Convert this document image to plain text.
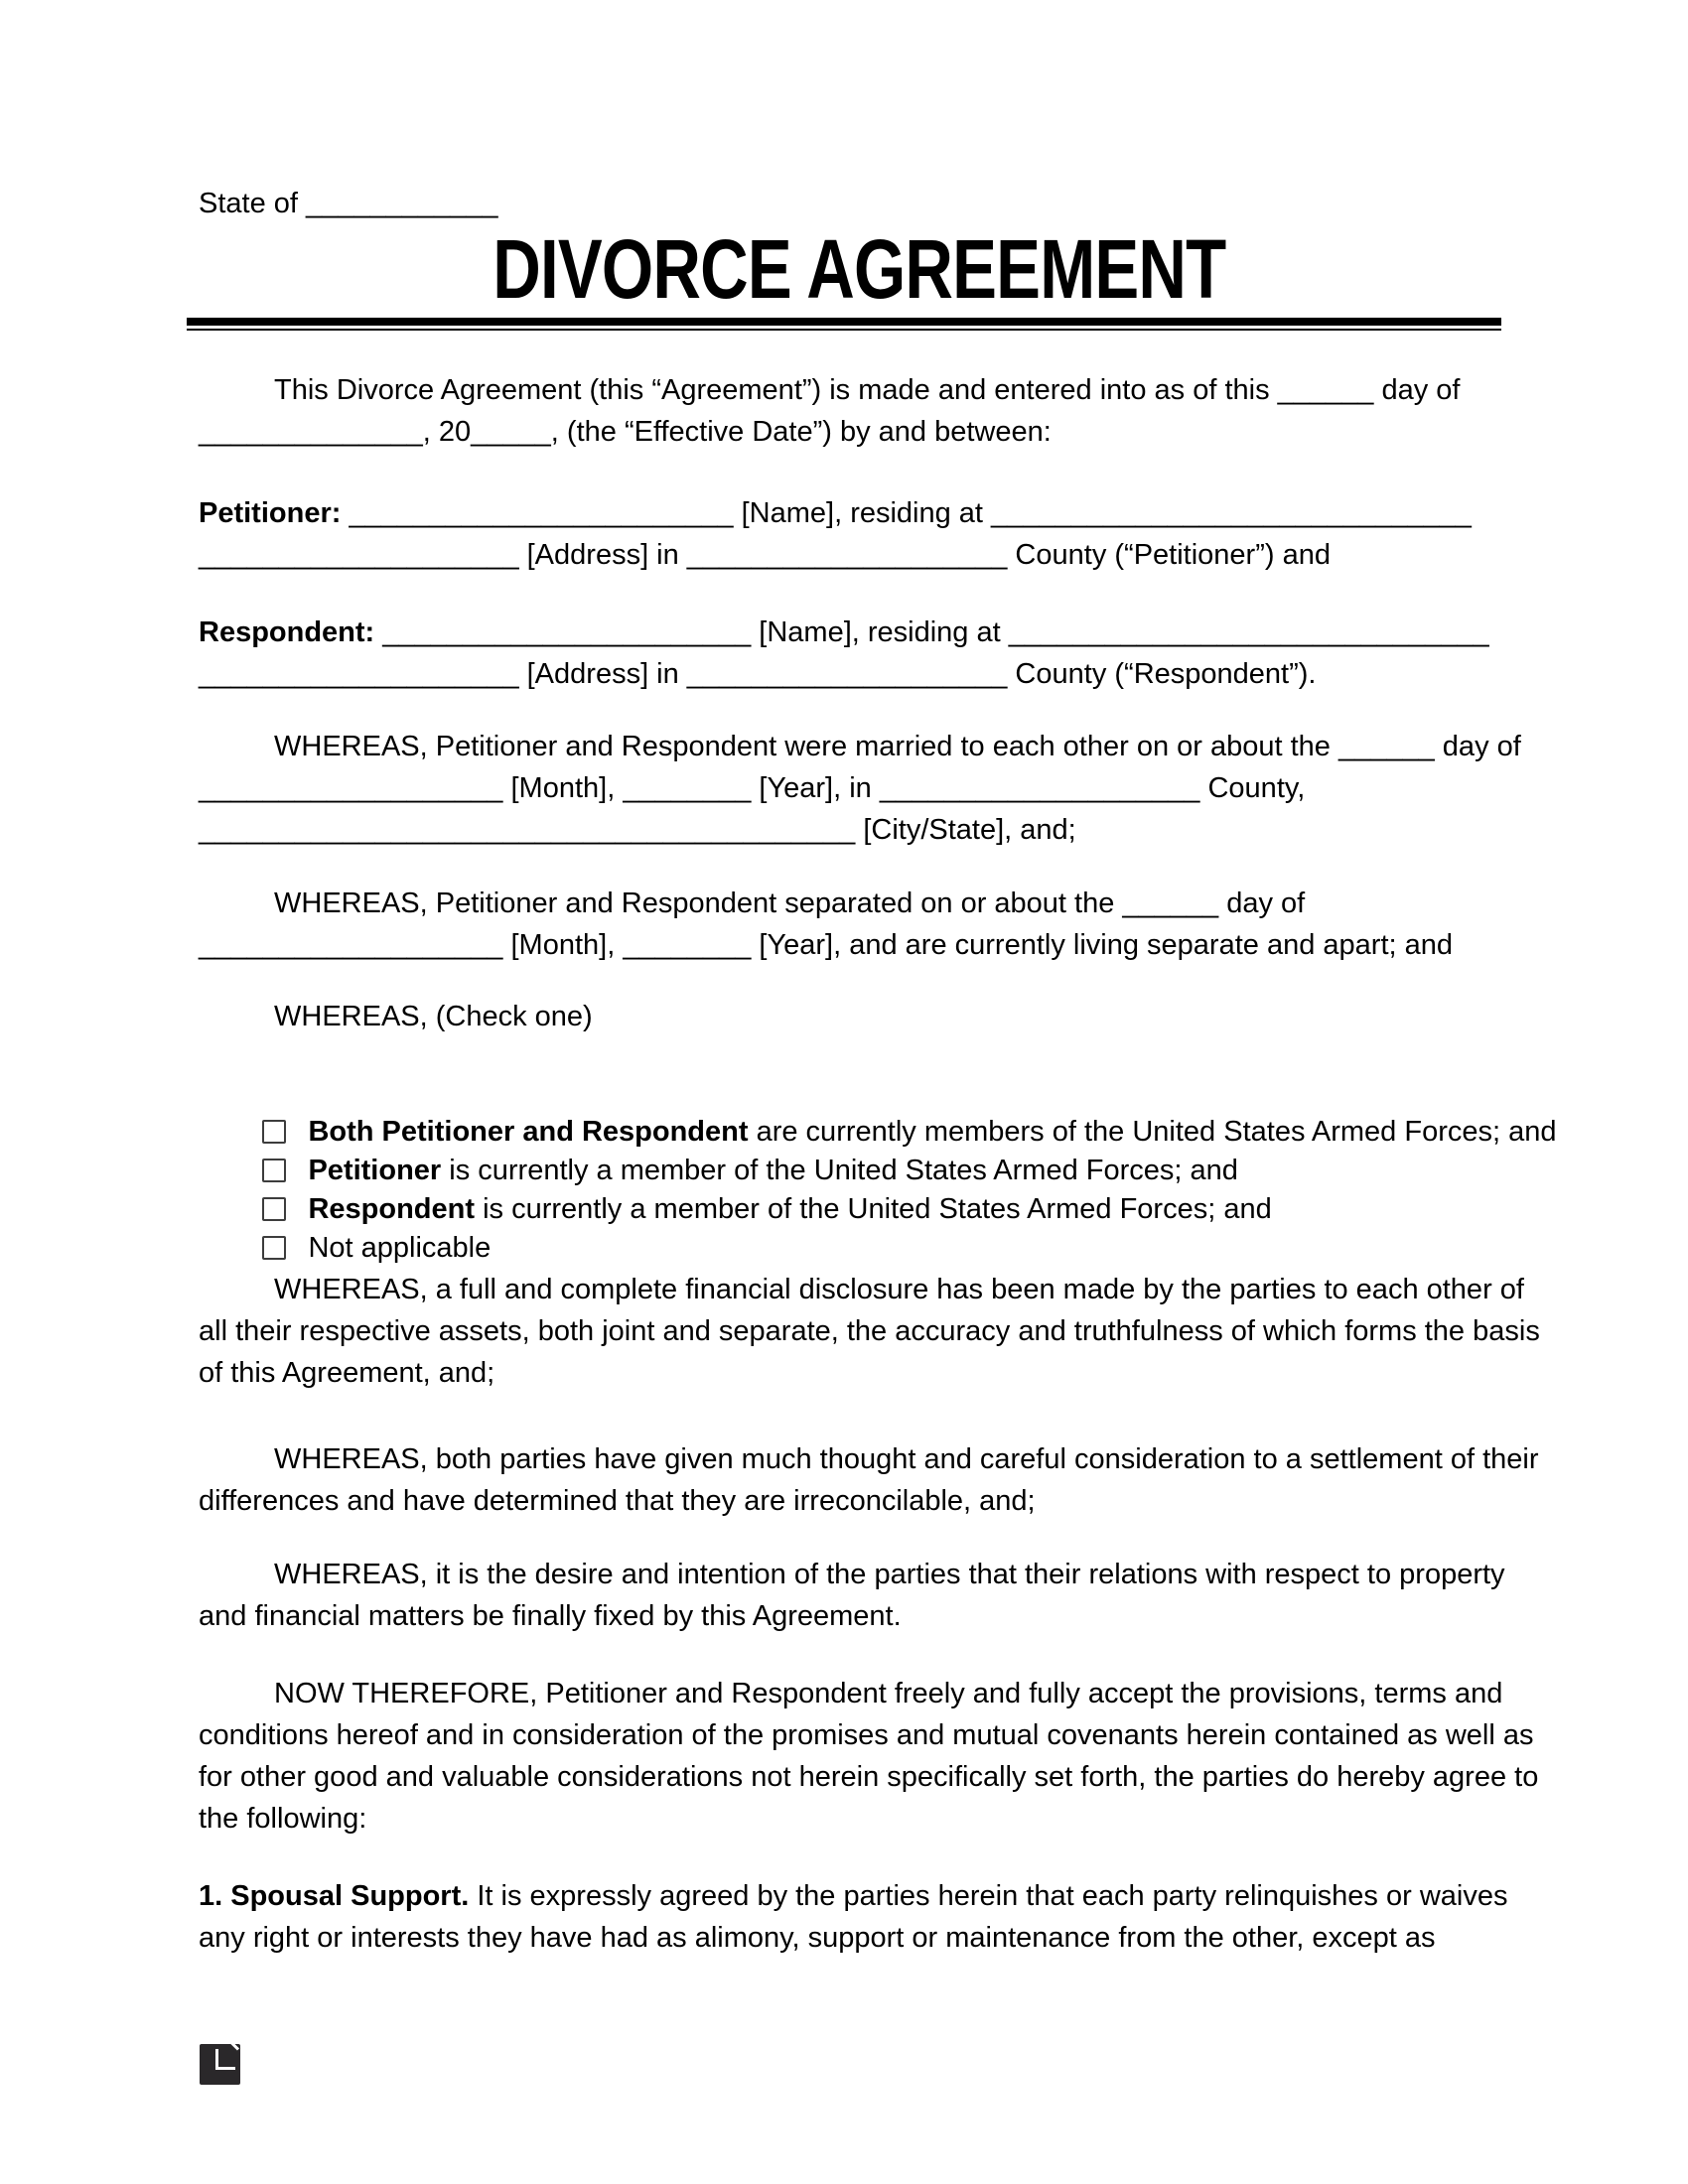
State of ____________
DIVORCE AGREEMENT
This Divorce Agreement (this “Agreement”) is made and entered into as of this ______ day of
______________, 20_____, (the “Effective Date”) by and between:
Petitioner: ________________________ [Name], residing at ______________________________
____________________ [Address] in ____________________ County (“Petitioner”) and
Respondent: _______________________ [Name], residing at ______________________________
____________________ [Address] in ____________________ County (“Respondent”).
WHEREAS, Petitioner and Respondent were married to each other on or about the ______ day of
___________________ [Month], ________ [Year], in ____________________ County,
_________________________________________ [City/State], and;
WHEREAS, Petitioner and Respondent separated on or about the ______ day of
___________________ [Month], ________ [Year], and are currently living separate and apart; and
WHEREAS, (Check one)

Both Petitioner and Respondent are currently members of the United States Armed Forces; and

Petitioner is currently a member of the United States Armed Forces; and

Respondent is currently a member of the United States Armed Forces; and

Not applicable

WHEREAS, a full and complete financial disclosure has been made by the parties to each other of
all their respective assets, both joint and separate, the accuracy and truthfulness of which forms the basis
of this Agreement, and;
WHEREAS, both parties have given much thought and careful consideration to a settlement of their
differences and have determined that they are irreconcilable, and;
WHEREAS, it is the desire and intention of the parties that their relations with respect to property
and financial matters be finally fixed by this Agreement.
NOW THEREFORE, Petitioner and Respondent freely and fully accept the provisions, terms and
conditions hereof and in consideration of the promises and mutual covenants herein contained as well as
for other good and valuable considerations not herein specifically set forth, the parties do hereby agree to
the following:
1. Spousal Support. It is expressly agreed by the parties herein that each party relinquishes or waives
any right or interests they have had as alimony, support or maintenance from the other, except as
